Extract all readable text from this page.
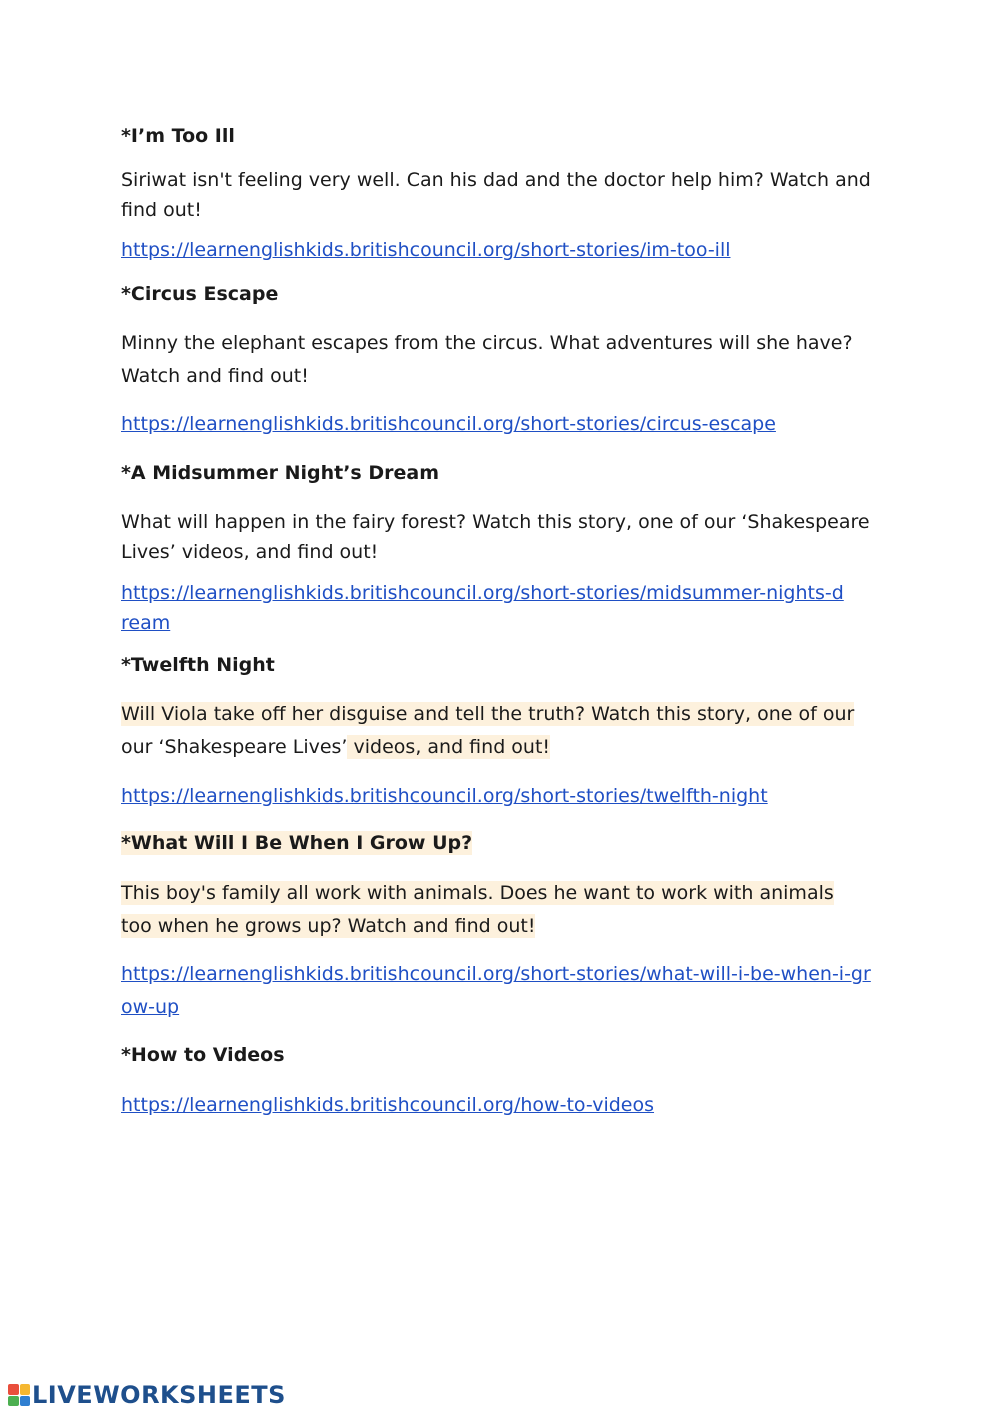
*I’m Too Ill
Siriwat isn't feeling very well. Can his dad and the doctor help him? Watch and find out!
https://learnenglishkids.britishcouncil.org/short-stories/im-too-ill
*Circus Escape
Minny the elephant escapes from the circus. What adventures will she have? Watch and find out!
https://learnenglishkids.britishcouncil.org/short-stories/circus-escape
*A Midsummer Night’s Dream
What will happen in the fairy forest? Watch this story, one of our ‘Shakespeare Lives’ videos, and find out!
https://learnenglishkids.britishcouncil.org/short-stories/midsummer-nights-dream
*Twelfth Night
Will Viola take off her disguise and tell the truth? Watch this story, one of our
our ‘Shakespeare Lives’ videos, and find out!
https://learnenglishkids.britishcouncil.org/short-stories/twelfth-night
*What Will I Be When I Grow Up?
This boy's family all work with animals. Does he want to work with animals too when he grows up? Watch and find out!
https://learnenglishkids.britishcouncil.org/short-stories/what-will-i-be-when-i-grow-up
*How to Videos
https://learnenglishkids.britishcouncil.org/how-to-videos
LIVEWORKSHEETS
